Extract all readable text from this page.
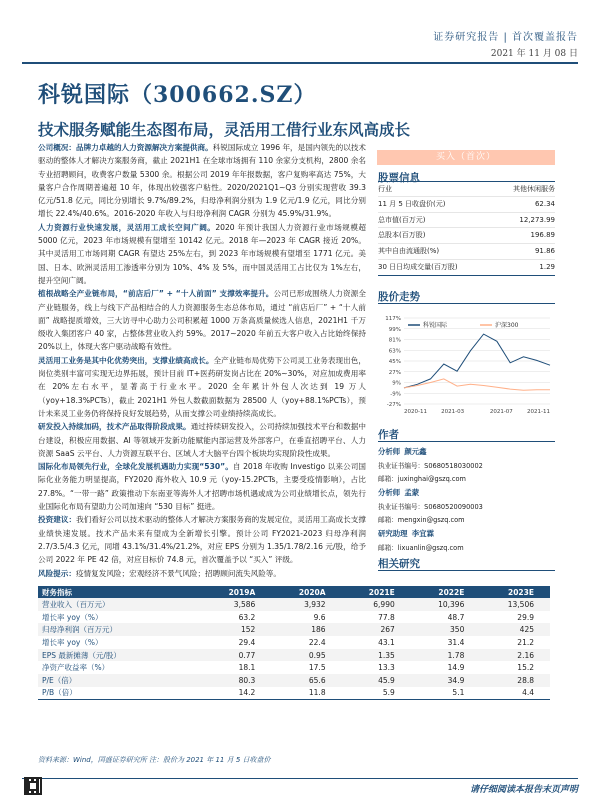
证券研究报告 | 首次覆盖报告
2021 年 11 月 08 日
科锐国际（300662.SZ）
技术服务赋能生态图布局，灵活用工借行业东风高成长

公司概况：品牌力卓越的人力资源解决方案提供商。科锐国际成立 1996 年，是国内领先的以技术驱动的整体人才解决方案服务商，截止 2021H1 在全球市场拥有 110 余家分支机构，2800 余名专业招聘顾问，收费客户数量 5300 余。根据公司 2019 年年报数据，客户复购率高达 75%，大量客户合作周期普遍超 10 年，体现出较强客户粘性。2020/2021Q1~Q3 分别实现营收 39.3 亿元/51.8 亿元，同比分别增长 9.7%/89.2%，归母净利润分别为 1.9 亿元/1.9 亿元，同比分别增长 22.4%/40.6%。2016-2020 年收入与归母净利润 CAGR 分别为 45.9%/31.9%。

人力资源行业快速发展，灵活用工成长空间广阔。2020 年预计我国人力资源行业市场规模超 5000 亿元，2023 年市场规模有望增至 10142 亿元。2018 年—2023 年 CAGR 接近 20%。其中灵活用工市场同期 CAGR 有望达 25%左右，到 2023 年市场规模有望增至 1771 亿元。美国、日本、欧洲灵活用工渗透率分别为 10%、4% 及 5%，而中国灵活用工占比仅为 1%左右，提升空间广阔。

植根战略全产业链布局，“前店后厂” + “十人前面” 支撑效率提升。公司已形成围绕人力资源全产业链服务，线上与线下产品相结合的人力资源服务生态总体布局，通过 “前店后厂” + “十人前面” 战略提质增效，三大访寻中心助力公司积累超 1000 万条高质量候选人信息，2021H1 千万级收入集团客户 40 家，占整体营业收入约 59%。2017~2020 年前五大客户收入占比始终保持 20%以上，体现大客户驱动战略有效性。

灵活用工业务是其中化优势突出，支撑业绩高成长。全产业链布局优势下公司灵工业务表现出色，岗位类别丰富可实现无边界拓展，预计目前 IT+医药研发岗占比在 20%~30%，对应加成费用率在 20%左右水平，显著高于行业水平。2020 全年累计外包人次达到 19 万人（yoy+18.3%PCTs），截止 2021H1 外包人数截面数据为 28500 人（yoy+88.1%PCTs），预计未来灵工业务仍将保持良好发展趋势，从而支撑公司业绩持续高成长。

研发投入持续加码，技术产品取得阶段成果。通过持续研发投入，公司持续加强技术平台和数据中台建设，积极应用数据、AI 等领域开发新功能赋能内部运营及外部客户，在垂直招聘平台、人力资源 SaaS 云平台、人力资源互联平台、区域人才大脑平台四个板块均实现阶段性成果。

国际化布局领先行业，全球化发展机遇助力实现“530”。自 2018 年收购 Investigo 以来公司国际化业务能力明显提高，FY2020 海外收入 10.9 元（yoy-15.2PCTs，主要受疫情影响），占比 27.8%。“一带一路” 政策推动下东南亚等海外人才招聘市场机遇或成为公司业绩增长点，领先行业国际化布局有望助力公司加速向 “530 目标” 挺进。

投资建议：我们看好公司以技术驱动的整体人才解决方案服务商的发展定位，灵活用工高成长支撑业绩快速发展。技术产品未来有望成为全新增长引擎。预计公司 FY2021-2023 归母净利润 2.7/3.5/4.3 亿元，同增 43.1%/31.4%/21.2%，对应 EPS 分别为 1.35/1.78/2.16 元/股，给予公司 2022 年 PE 42 倍，对应目标价 74.8 元，首次覆盖予以 “买入” 评级。

风险提示：疫情复发风险；宏观经济不景气风险；招聘顾问流失风险等。

买入（首次）
股票信息
行业	其他休闲服务
11 月 5 日收盘价(元)	62.34
总市值(百万元)	12,273.99
总股本(百万股)	196.89
其中自由流通股(%)	91.86
30 日日均成交量(百万股)	1.29
股价走势
117%
99%
81%
63%
45%
27%
9%
-9%
-27%
2020-11	2021-03	2021-07	2021-11
科锐国际	沪深300
作者
分析师 颜元鑫
执业证书编号：S0680518030002
邮箱：juxinghai@gszq.com
分析师 孟蒙
执业证书编号：S0680520090003
邮箱：mengxin@gszq.com
研究助理 李宜霖
邮箱：lixuanlin@gszq.com
相关研究
财务指标	2019A	2020A	2021E	2022E	2023E
营业收入（百万元）	3,586	3,932	6,990	10,396	13,506
增长率 yoy（%）	63.2	9.6	77.8	48.7	29.9
归母净利润（百万元）	152	186	267	350	425
增长率 yoy（%）	29.4	22.4	43.1	31.4	21.2
EPS 最新摊薄（元/股）	0.77	0.95	1.35	1.78	2.16
净资产收益率（%）	18.1	17.5	13.3	14.9	15.2
P/E（倍）	80.3	65.6	45.9	34.9	28.8
P/B（倍）	14.2	11.8	5.9	5.1	4.4
资料来源：Wind，国盛证券研究所 注：股价为 2021 年 11 月 5 日收盘价
请仔细阅读本报告末页声明
